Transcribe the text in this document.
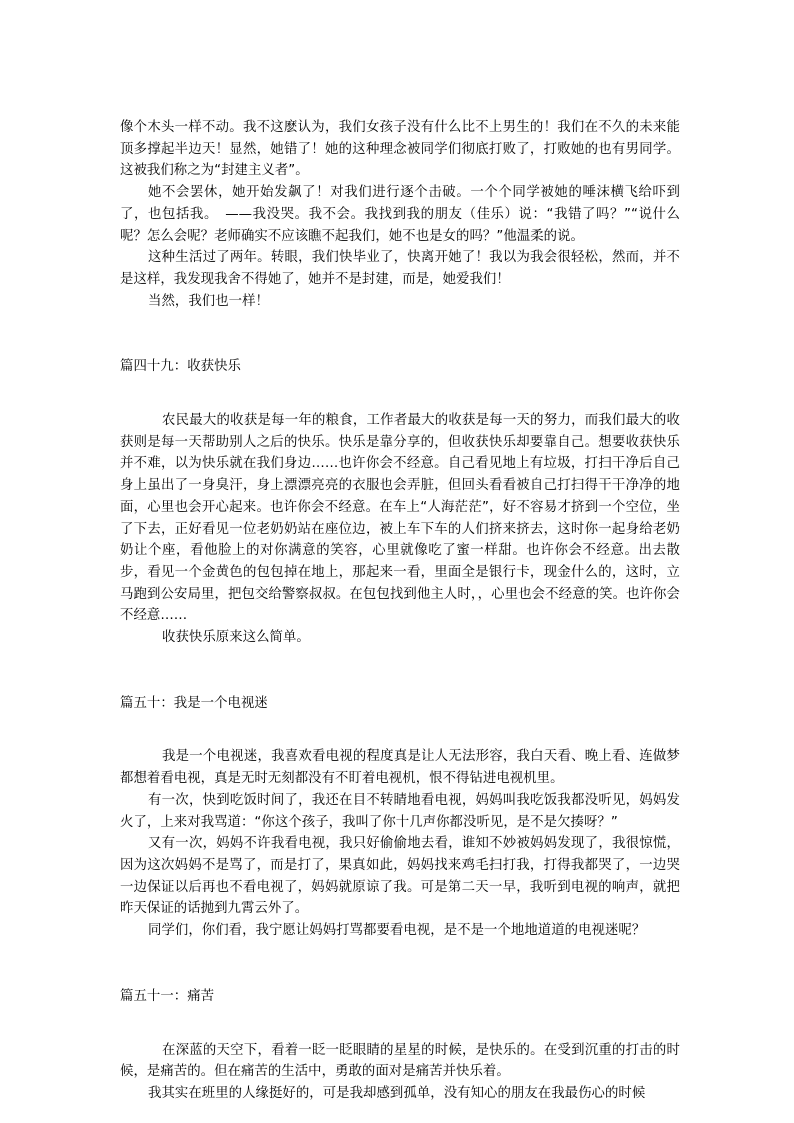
像个木头一样不动。我不这麽认为，我们女孩子没有什么比不上男生的！我们在不久的未来能顶多撑起半边天！显然，她错了！她的这种理念被同学们彻底打败了，打败她的也有男同学。这被我们称之为“封建主义者”。

她不会罢休，她开始发飙了！对我们进行逐个击破。一个个同学被她的唾沫横飞给吓到了，也包括我。　——我没哭。我不会。我找到我的朋友（佳乐）说：“我错了吗？”“说什么呢？怎么会呢？老师确实不应该瞧不起我们，她不也是女的吗？”他温柔的说。

这种生活过了两年。转眼，我们快毕业了，快离开她了！我以为我会很轻松，然而，并不是这样，我发现我舍不得她了，她并不是封建，而是，她爱我们！

当然，我们也一样！

篇四十九：收获快乐

农民最大的收获是每一年的粮食，工作者最大的收获是每一天的努力，而我们最大的收获则是每一天帮助别人之后的快乐。快乐是靠分享的，但收获快乐却要靠自己。想要收获快乐并不难，以为快乐就在我们身边……也许你会不经意。自己看见地上有垃圾，打扫干净后自己身上虽出了一身臭汗，身上漂漂亮亮的衣服也会弄脏，但回头看看被自己打扫得干干净净的地面，心里也会开心起来。也许你会不经意。在车上“人海茫茫”，好不容易才挤到一个空位，坐了下去，正好看见一位老奶奶站在座位边，被上车下车的人们挤来挤去，这时你一起身给老奶奶让个座，看他脸上的对你满意的笑容，心里就像吃了蜜一样甜。也许你会不经意。出去散步，看见一个金黄色的包包掉在地上，那起来一看，里面全是银行卡，现金什么的，这时，立马跑到公安局里，把包交给警察叔叔。在包包找到他主人时，，心里也会不经意的笑。也许你会不经意……

收获快乐原来这么简单。

篇五十：我是一个电视迷

我是一个电视迷，我喜欢看电视的程度真是让人无法形容，我白天看、晚上看、连做梦都想着看电视，真是无时无刻都没有不盯着电视机，恨不得钻进电视机里。

有一次，快到吃饭时间了，我还在目不转睛地看电视，妈妈叫我吃饭我都没听见，妈妈发火了，上来对我骂道：“你这个孩子，我叫了你十几声你都没听见，是不是欠揍呀？”

又有一次，妈妈不许我看电视，我只好偷偷地去看，谁知不妙被妈妈发现了，我很惊慌，因为这次妈妈不是骂了，而是打了，果真如此，妈妈找来鸡毛扫打我，打得我都哭了，一边哭一边保证以后再也不看电视了，妈妈就原谅了我。可是第二天一早，我听到电视的响声，就把昨天保证的话抛到九霄云外了。

同学们，你们看，我宁愿让妈妈打骂都要看电视，是不是一个地地道道的电视迷呢？

篇五十一：痛苦

在深蓝的天空下，看着一眨一眨眼睛的星星的时候，是快乐的。在受到沉重的打击的时候，是痛苦的。但在痛苦的生活中，勇敢的面对是痛苦并快乐着。

我其实在班里的人缘挺好的，可是我却感到孤单，没有知心的朋友在我最伤心的时候
